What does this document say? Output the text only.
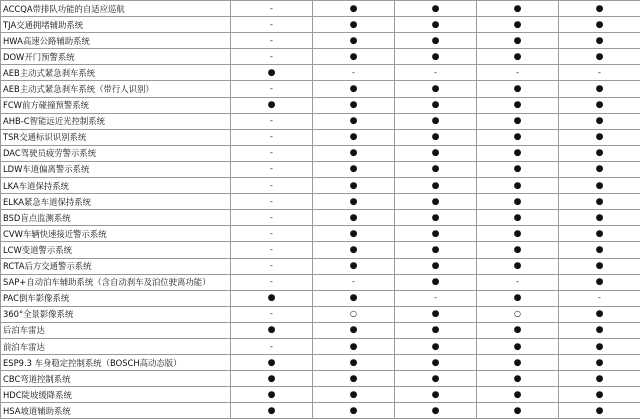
ACCQA带排队功能的自适应巡航	-	●	●	●	●
TJA交通拥堵辅助系统	-	●	●	●	●
HWA高速公路辅助系统	-	●	●	●	●
DOW开门预警系统	-	●	●	●	●
AEB主动式紧急刹车系统	●	-	-	-	-
AEB主动式紧急刹车系统（带行人识别）	-	●	●	●	●
FCW前方碰撞预警系统	●	●	●	●	●
AHB-C智能远近光控制系统	-	●	●	●	●
TSR交通标识识别系统	-	●	●	●	●
DAC驾驶员疲劳警示系统	-	●	●	●	●
LDW车道偏离警示系统	-	●	●	●	●
LKA车道保持系统	-	●	●	●	●
ELKA紧急车道保持系统	-	●	●	●	●
BSD盲点监测系统	-	●	●	●	●
CVW车辆快速接近警示系统	-	●	●	●	●
LCW变道警示系统	-	●	●	●	●
RCTA后方交通警示系统	-	●	●	●	●
SAP+自动泊车辅助系统（含自动刹车及泊位驶离功能）	-	-	●	-	●
PAC倒车影像系统	●	●	-	●	-
360°全景影像系统	-	○	●	○	●
后泊车雷达	●	●	●	●	●
前泊车雷达	-	●	●	●	●
ESP9.3 车身稳定控制系统（BOSCH高动态版）	●	●	●	●	●
CBC弯道控制系统	●	●	●	●	●
HDC陡坡缓降系统	●	●	●	●	●
HSA坡道辅助系统	●	●	●	●	●
